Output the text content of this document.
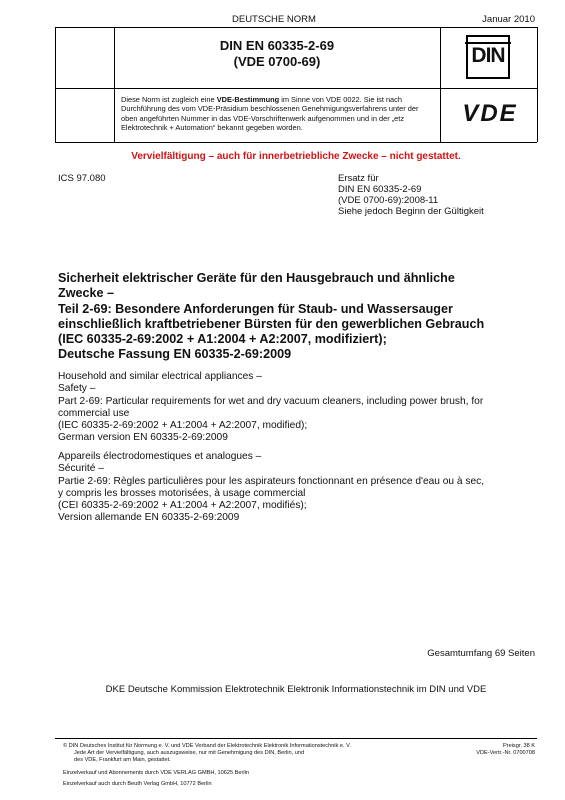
DEUTSCHE NORM	Januar 2010
DIN EN 60335-2-69
(VDE 0700-69)	DIN
Diese Norm ist zugleich eine VDE-Bestimmung im Sinne von VDE 0022. Sie ist nach Durchführung des vom VDE-Präsidium beschlossenen Genehmigungsverfahrens unter der oben angeführten Nummer in das VDE-Vorschriftenwerk aufgenommen und in der „etz Elektrotechnik + Automation“ bekannt gegeben worden.
VDE
Vervielfältigung – auch für innerbetriebliche Zwecke – nicht gestattet.
ICS 97.080	Ersatz für
DIN EN 60335-2-69
(VDE 0700-69):2008-11
Siehe jedoch Beginn der Gültigkeit
Sicherheit elektrischer Geräte für den Hausgebrauch und ähnliche
Zwecke –
Teil 2-69: Besondere Anforderungen für Staub- und Wassersauger
einschließlich kraftbetriebener Bürsten für den gewerblichen Gebrauch
(IEC 60335-2-69:2002 + A1:2004 + A2:2007, modifiziert);
Deutsche Fassung EN 60335-2-69:2009
Household and similar electrical appliances –
Safety –
Part 2-69: Particular requirements for wet and dry vacuum cleaners, including power brush, for
commercial use
(IEC 60335-2-69:2002 + A1:2004 + A2:2007, modified);
German version EN 60335-2-69:2009
Appareils électrodomestiques et analogues –
Sécurité –
Partie 2-69: Règles particulières pour les aspirateurs fonctionnant en présence d'eau ou à sec,
y compris les brosses motorisées, à usage commercial
(CEI 60335-2-69:2002 + A1:2004 + A2:2007, modifiés);
Version allemande EN 60335-2-69:2009
Gesamtumfang 69 Seiten
DKE Deutsche Kommission Elektrotechnik Elektronik Informationstechnik im DIN und VDE
© DIN Deutsches Institut für Normung e. V. und VDE Verband der Elektrotechnik Elektronik Informationstechnik e. V.
Jede Art der Vervielfältigung, auch auszugsweise, nur mit Genehmigung des DIN, Berlin, und
des VDE, Frankfurt am Main, gestattet.
Preisgr. 38 K
VDE-Vertr.-Nr. 0700708
Einzelverkauf und Abonnements durch VDE VERLAG GMBH, 10625 Berlin
Einzelverkauf auch durch Beuth Verlag GmbH, 10772 Berlin
